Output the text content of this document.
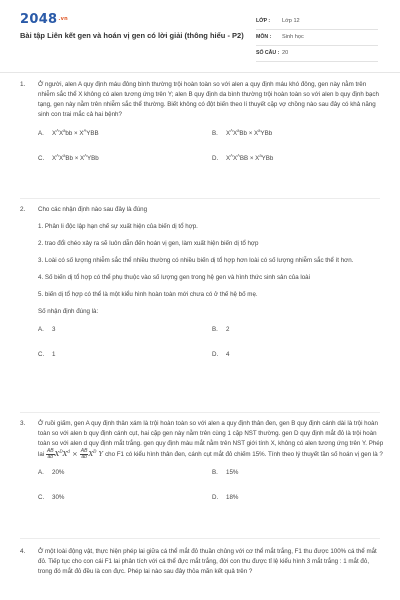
2048.vn
Bài tập Liên kết gen và hoán vị gen có lời giải (thông hiểu - P2)
LỚP :	Lớp 12
MÔN :	Sinh học
SỐ CÂU : 20
1. Ở người, alen A quy định máu đông bình thường trội hoàn toàn so với alen a quy định máu khó đông, gen này nằm trên nhiễm sắc thể X không có alen tương ứng trên Y; alen B quy định da bình thường trội hoàn toàn so với alen b quy định bạch tạng, gen này nằm trên nhiễm sắc thể thường. Biết không có đột biến theo lí thuyết cặp vợ chồng nào sau đây có khả năng sinh con trai mắc cả hai bệnh?
A. $X^AX^abb \times X^AYBB$	B. $X^AX^aBb \times X^aYBb$
C. $X^AX^aBb \times X^AYBb$	D. $X^AX^ABB \times X^aYBb$
2. Cho các nhận định nào sau đây là đúng
1. Phân li độc lập hạn chế sự xuất hiện của biến dị tổ hợp.
2. trao đổi chéo xảy ra sẽ luôn dẫn đến hoán vị gen, làm xuất hiện biến dị tổ hợp
3. Loài có số lượng nhiễm sắc thể nhiều thường có nhiều biến dị tổ hợp hơn loài có số lượng nhiễm sắc thể ít hơn.
4. Số biến dị tổ hợp có thể phụ thuộc vào số lượng gen trong hệ gen và hình thức sinh sản của loài
5. biến dị tổ hợp có thể là một kiểu hình hoàn toàn mới chưa có ở thế hệ bố mẹ.
Số nhận định đúng là:
A. 3	B. 2
C. 1	D. 4
3. Ở ruồi giấm, gen A quy định thân xám là trội hoàn toàn so với alen a quy định thân đen, gen B quy định cánh dài là trội hoàn toàn so với alen b quy định cánh cụt, hai cặp gen này nằm trên cùng 1 cặp NST thường. gen D quy định mắt đỏ là trội hoàn toàn so với alen d quy định mắt trắng. gen quy định màu mắt nằm trên NST giới tính X, không có alen tương ứng trên Y. Phép lai $\frac{AB}{ab} X^DX^d \times \frac{AB}{ab} X^D$ Y cho F1 có kiểu hình thân đen, cánh cụt mắt đỏ chiếm 15%. Tính theo lý thuyết tần số hoán vị gen là ?
A. 20%	B. 15%
C. 30%	D. 18%
4. Ở một loài động vật, thực hiện phép lai giữa cá thể mắt đỏ thuần chủng với cơ thể mắt trắng, F1 thu được 100% cá thể mắt đỏ. Tiếp tục cho con cái F1 lai phân tích với cá thể đực mắt trắng, đời con thu được tỉ lệ kiểu hình 3 mắt trắng : 1 mắt đỏ, trong đó mắt đỏ đều là con đực. Phép lai nào sau đây thỏa mãn kết quả trên ?
